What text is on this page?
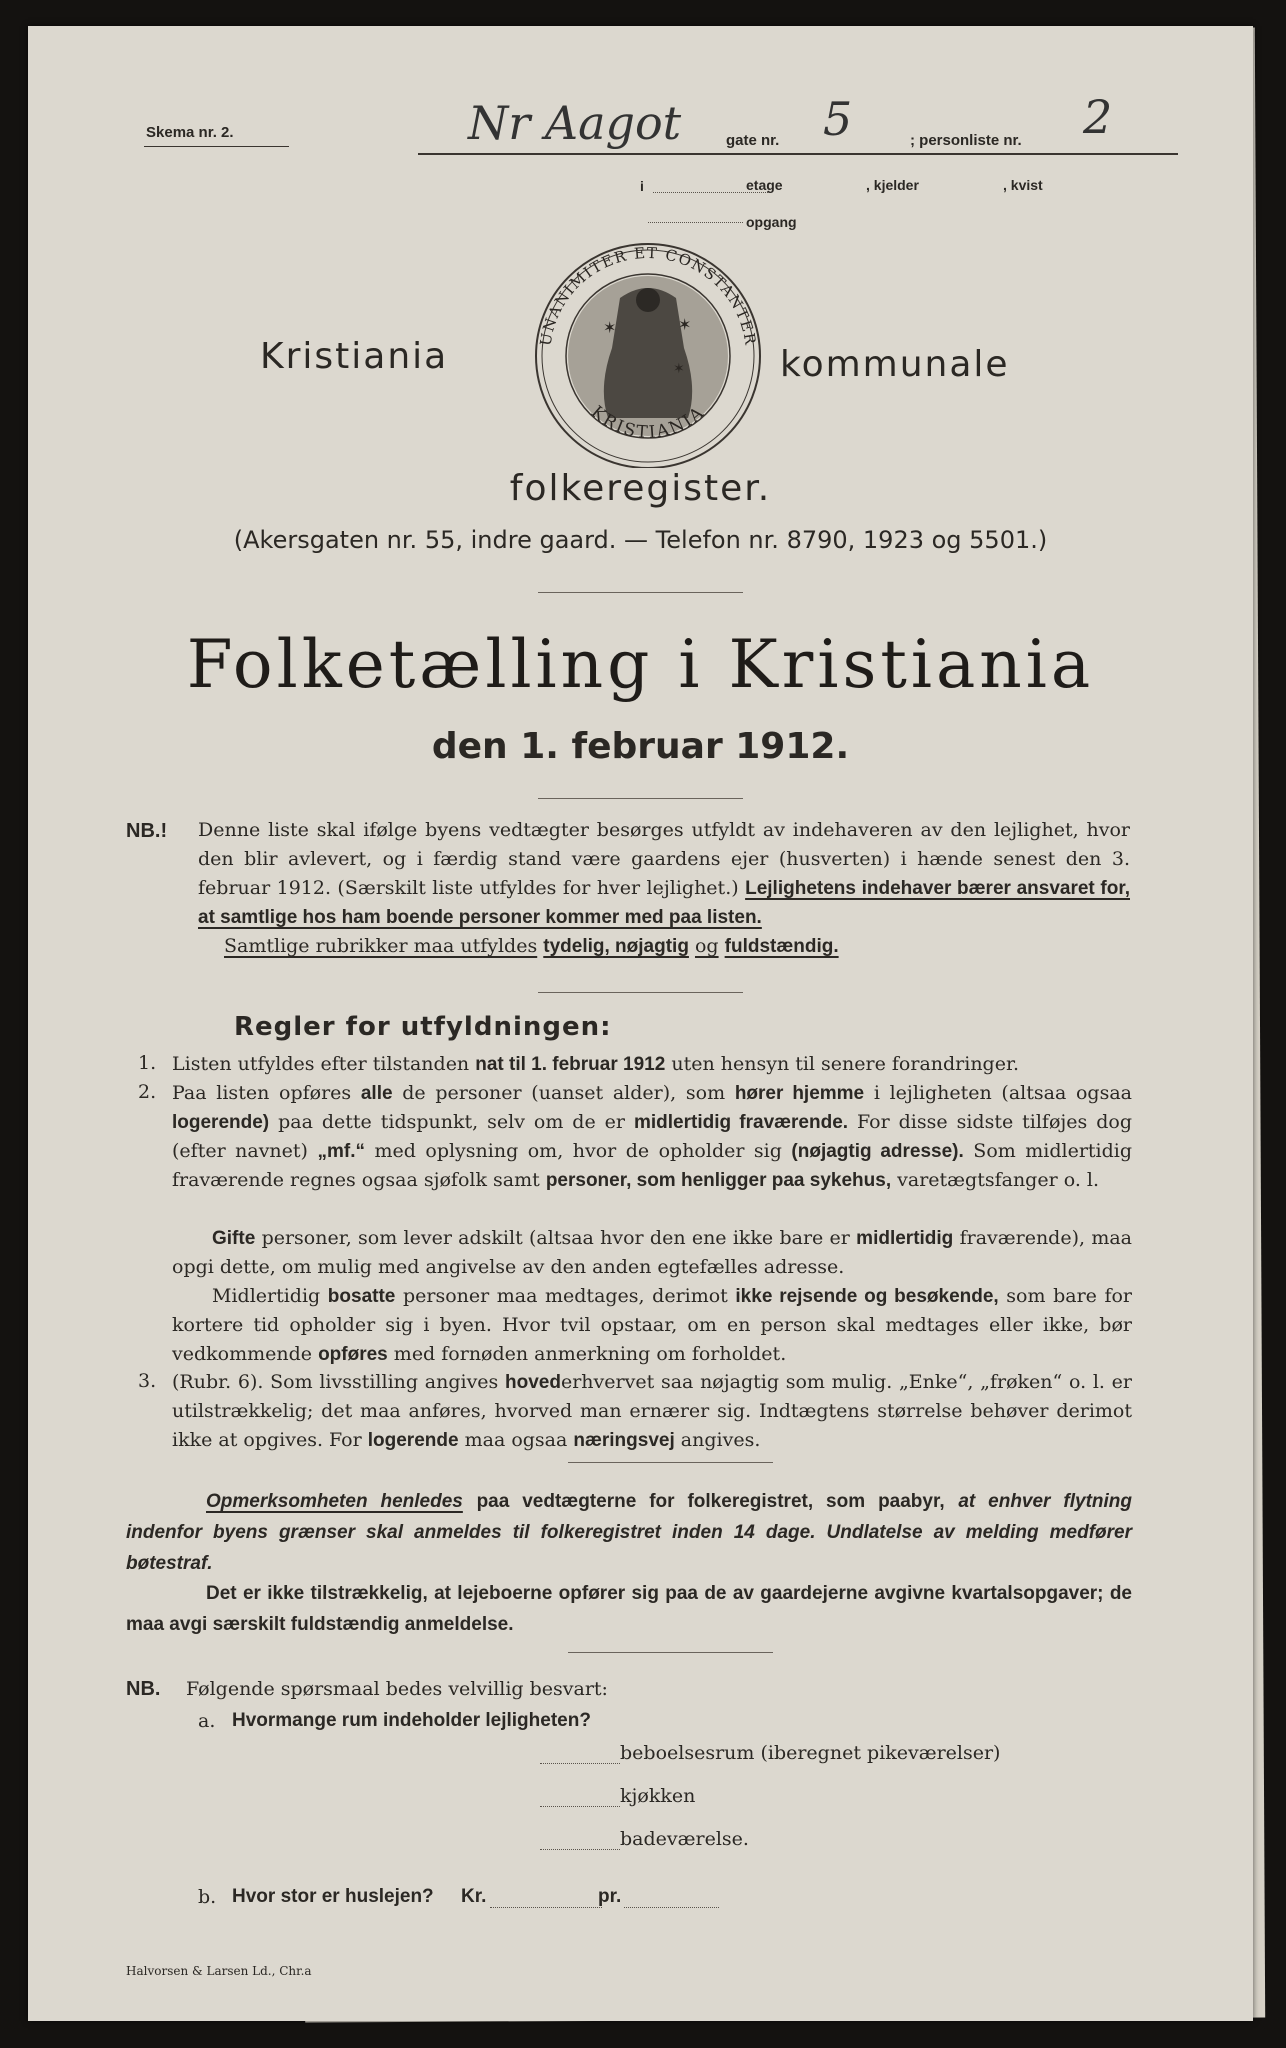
Skema nr. 2.	Nr Aagot	gate nr. 5	; personliste nr. 2
i	etage	, kjelder	, kvist
opgang
Kristiania	kommunale
✶	✶
✶
UNANIMITER ET CONSTANTER
KRISTIANIA
folkeregister.
(Akersgaten nr. 55, indre gaard. — Telefon nr. 8790, 1923 og 5501.)
Folketælling i Kristiania
den 1. februar 1912.
NB.! Denne liste skal ifølge byens vedtægter besørges utfyldt av indehaveren av den lejlighet, hvor den blir avlevert, og i færdig stand være gaardens ejer (husverten) i hænde senest den 3. februar 1912. (Særskilt liste utfyldes for hver lejlighet.) Lejlighetens indehaver bærer ansvaret for, at samtlige hos ham boende personer kommer med paa listen.

Samtlige rubrikker maa utfyldes tydelig, nøjagtig og fuldstændig.

Regler for utfyldningen:
1. Listen utfyldes efter tilstanden nat til 1. februar 1912 uten hensyn til senere forandringer.

2. Paa listen opføres alle de personer (uanset alder), som hører hjemme i lejligheten (altsaa ogsaa logerende) paa dette tidspunkt, selv om de er midlertidig fraværende. For disse sidste tilføjes dog (efter navnet) „mf.“ med oplysning om, hvor de opholder sig (nøjagtig adresse). Som midlertidig fraværende regnes ogsaa sjøfolk samt personer, som henligger paa sykehus, varetægtsfanger o. l.

Gifte personer, som lever adskilt (altsaa hvor den ene ikke bare er midlertidig fraværende), maa opgi dette, om mulig med angivelse av den anden egtefælles adresse.

Midlertidig bosatte personer maa medtages, derimot ikke rejsende og besøkende, som bare for kortere tid opholder sig i byen. Hvor tvil opstaar, om en person skal medtages eller ikke, bør vedkommende opføres med fornøden anmerkning om forholdet.

3. (Rubr. 6). Som livsstilling angives hovederhvervet saa nøjagtig som mulig. „Enke“, „frøken“ o. l. er utilstrækkelig; det maa anføres, hvorved man ernærer sig. Indtægtens størrelse behøver derimot ikke at opgives. For logerende maa ogsaa næringsvej angives.

Opmerksomheten henledes paa vedtægterne for folkeregistret, som paabyr, at enhver flytning indenfor byens grænser skal anmeldes til folkeregistret inden 14 dage. Undlatelse av melding medfører bøtestraf.

Det er ikke tilstrækkelig, at lejeboerne opfører sig paa de av gaardejerne avgivne kvartalsopgaver; de maa avgi særskilt fuldstændig anmeldelse.

NB. Følgende spørsmaal bedes velvillig besvart:
a. Hvormange rum indeholder lejligheten?
beboelsesrum (iberegnet pikeværelser)
kjøkken
badeværelse.
b. Hvor stor er huslejen? Kr.	pr.
Halvorsen & Larsen Ld., Chr.a
